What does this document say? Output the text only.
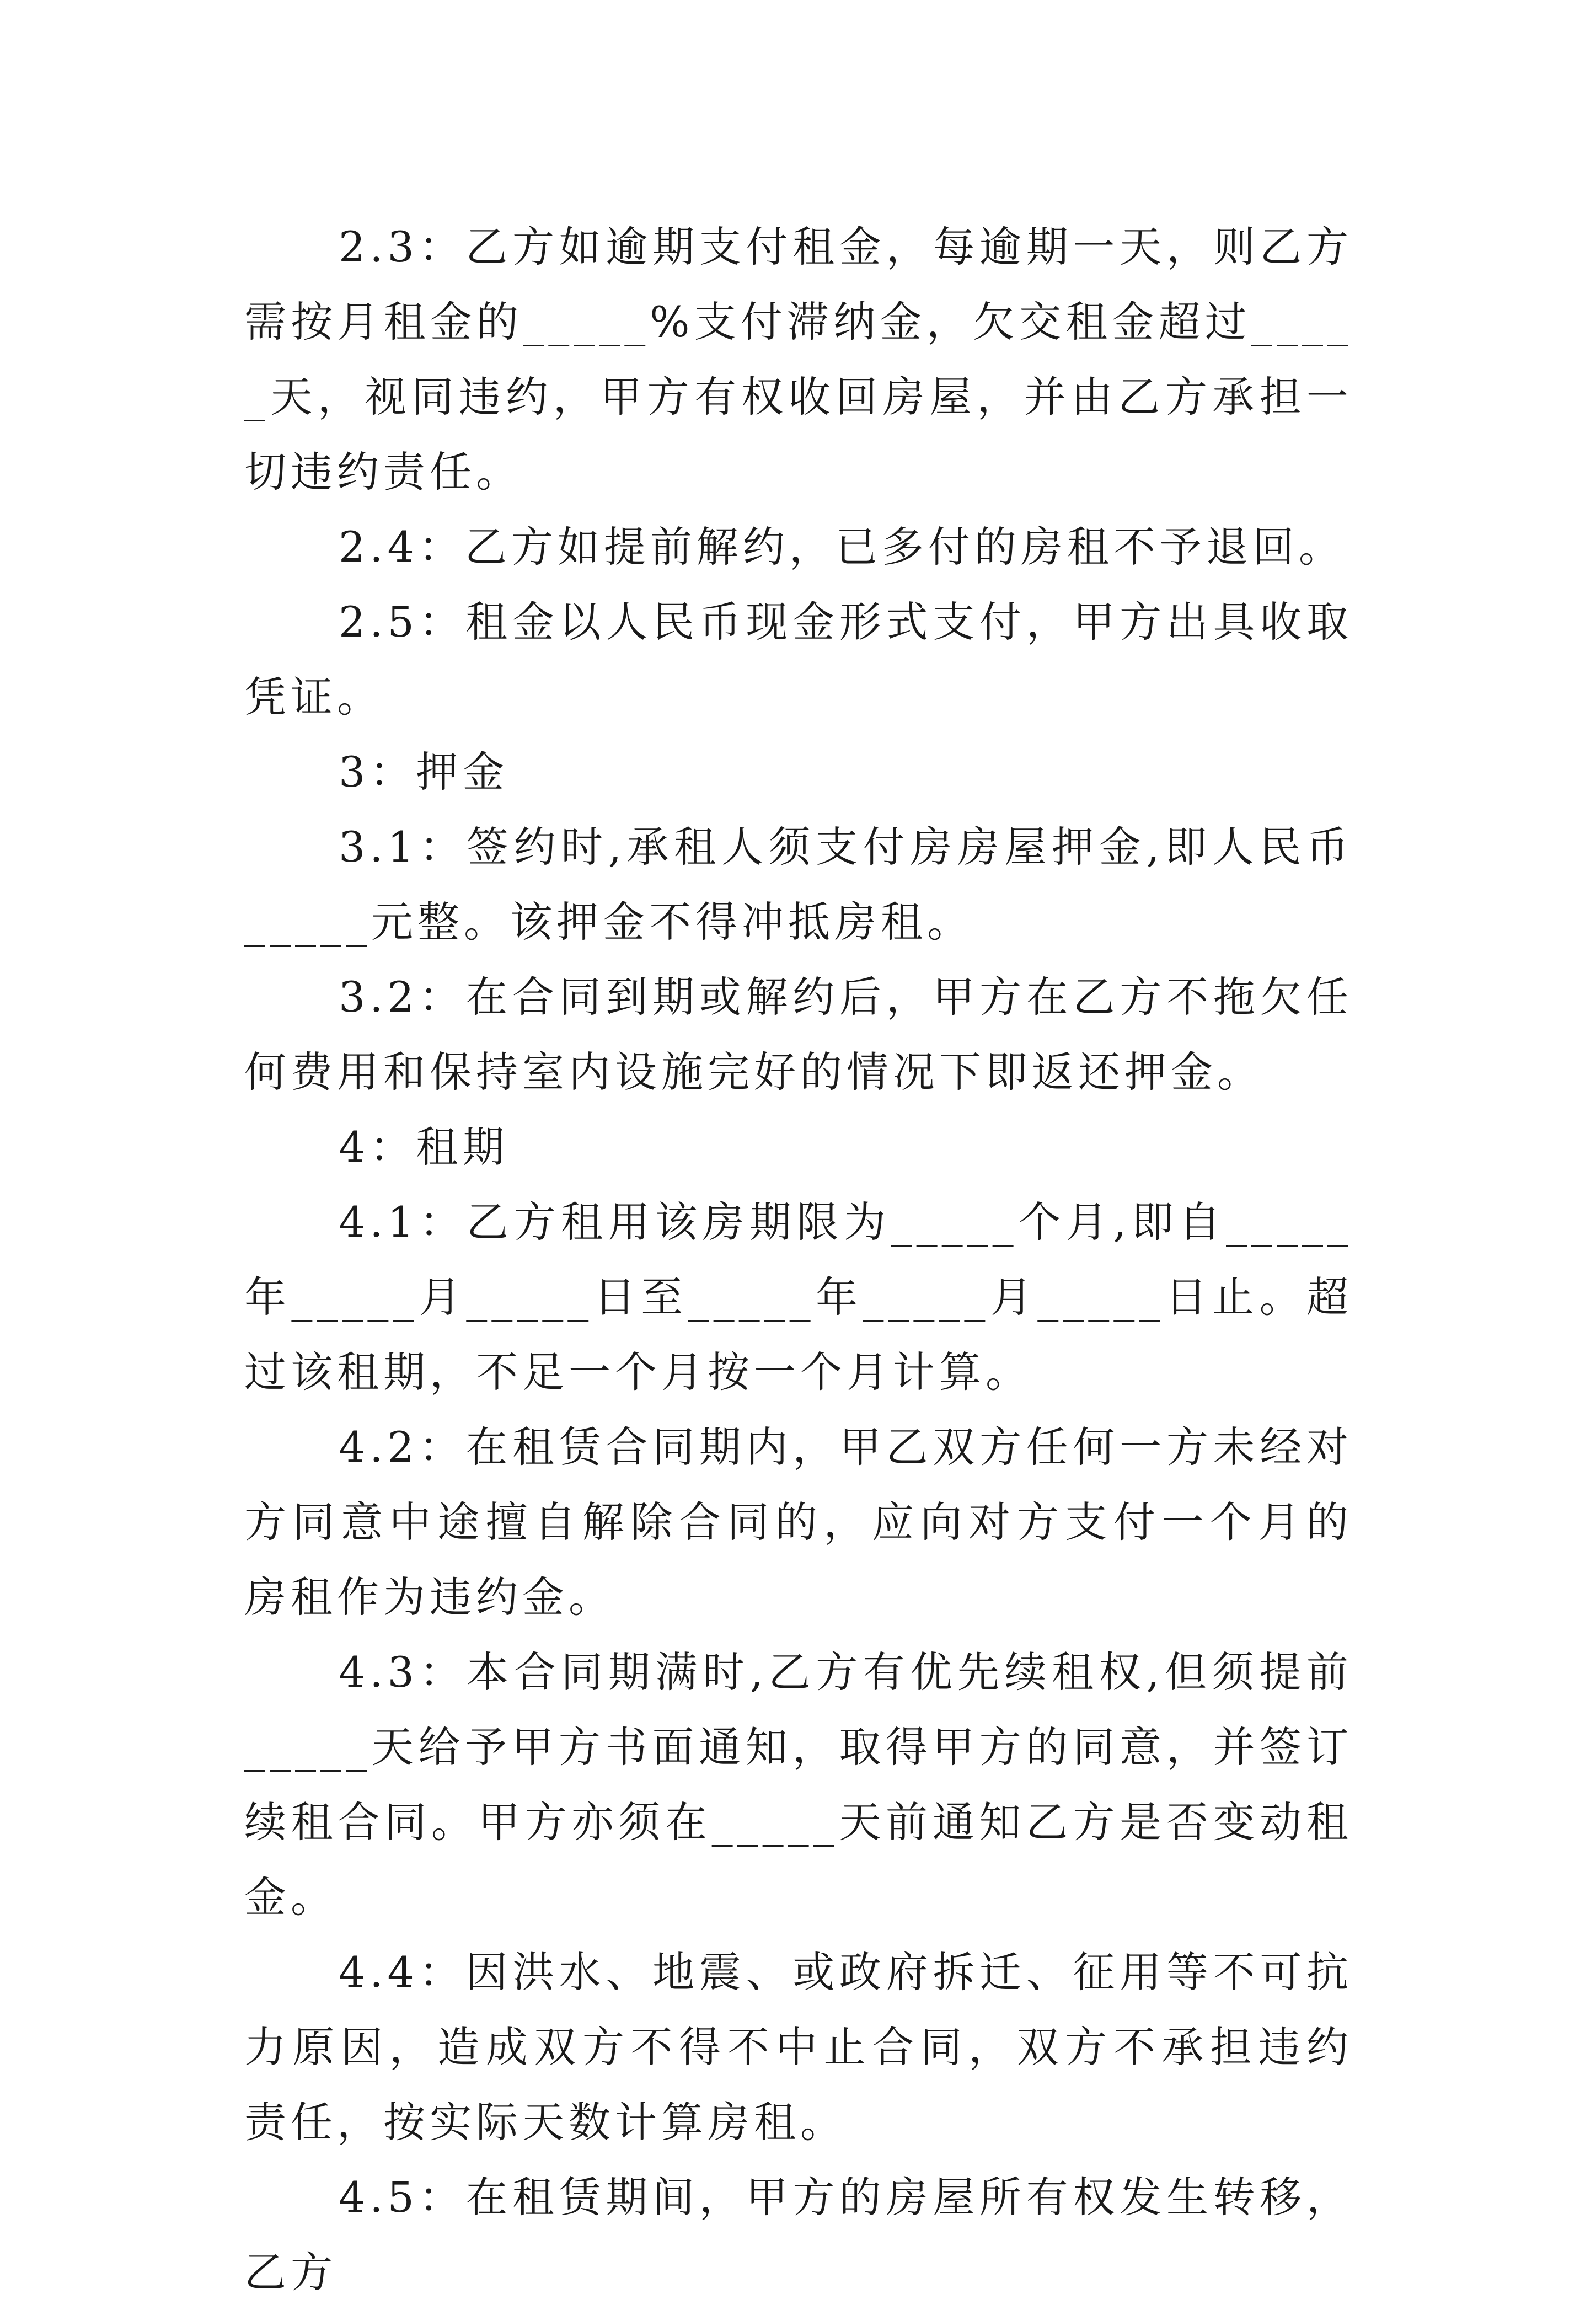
2.3：乙方如逾期支付租金，每逾期一天，则乙方需按月租金的_____%支付滞纳金，欠交租金超过_____天，视同违约，甲方有权收回房屋，并由乙方承担一切违约责任。

2.4：乙方如提前解约，已多付的房租不予退回。

2.5：租金以人民币现金形式支付，甲方出具收取凭证。

3：押金

3.1：签约时,承租人须支付房房屋押金,即人民币_____元整。该押金不得冲抵房租。

3.2：在合同到期或解约后，甲方在乙方不拖欠任何费用和保持室内设施完好的情况下即返还押金。

4：租期

4.1：乙方租用该房期限为_____个月,即自_____年_____月_____日至_____年_____月_____日止。超过该租期，不足一个月按一个月计算。

4.2：在租赁合同期内，甲乙双方任何一方未经对方同意中途擅自解除合同的，应向对方支付一个月的房租作为违约金。

4.3：本合同期满时,乙方有优先续租权,但须提前_____天给予甲方书面通知，取得甲方的同意，并签订续租合同。甲方亦须在_____天前通知乙方是否变动租金。

4.4：因洪水、地震、或政府拆迁、征用等不可抗力原因，造成双方不得不中止合同，双方不承担违约责任，按实际天数计算房租。

4.5：在租赁期间，甲方的房屋所有权发生转移，乙方
